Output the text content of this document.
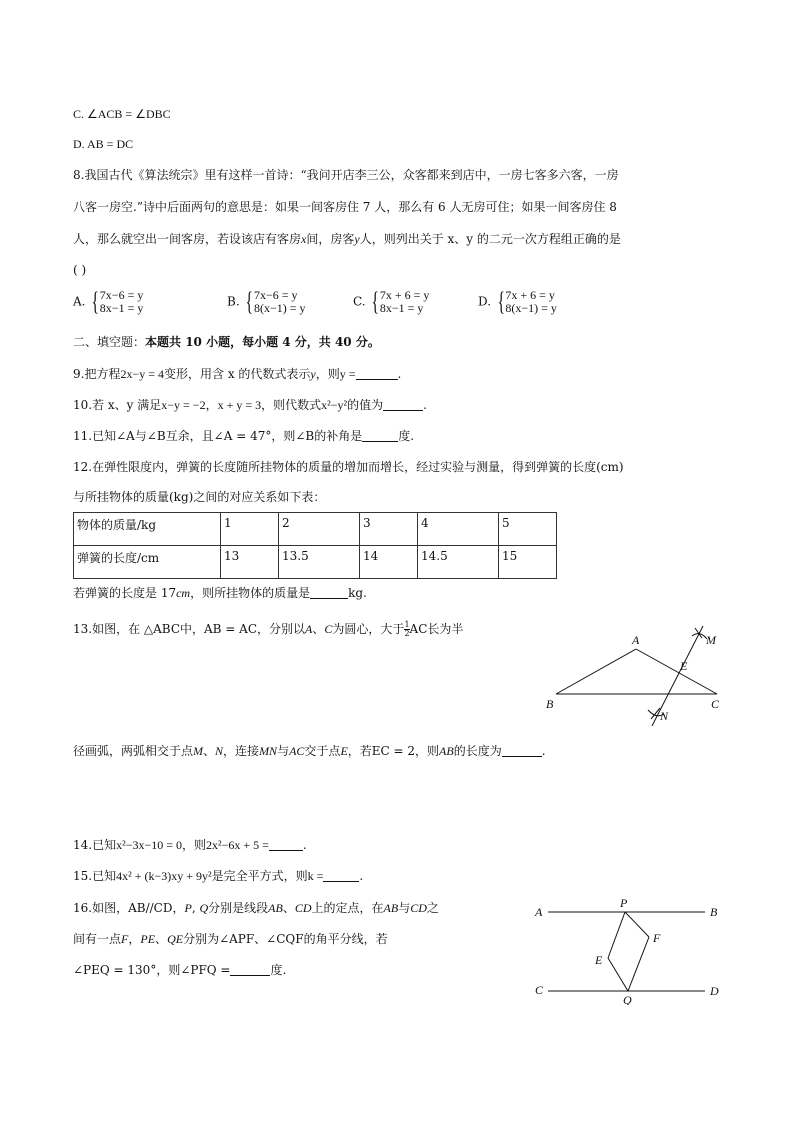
C. ∠ACB = ∠DBC
D. AB = DC
8.我国古代《算法统宗》里有这样一首诗：“我问开店李三公，众客都来到店中，一房七客多六客，一房
八客一房空.”诗中后面两句的意思是：如果一间客房住 7 人，那么有 6 人无房可住；如果一间客房住 8
人，那么就空出一间客房，若设该店有客房x间，房客y人，则列出关于 x、y 的二元一次方程组正确的是
( )
A. { 7x−6 = y
8x−1 = y	B. { 7x−6 = y
8(x−1) = y	C. { 7x + 6 = y
8x−1 = y	D. { 7x + 6 = y
8(x−1) = y
二、填空题：本题共 10 小题，每小题 4 分，共 40 分。
9.把方程2x−y = 4变形，用含 x 的代数式表示y，则y =	.
10.若 x、y 满足x−y = −2，x + y = 3，则代数式x²−y²的值为	.
11.已知∠A与∠B互余，且∠A = 47°，则∠B的补角是	度.
12.在弹性限度内，弹簧的长度随所挂物体的质量的增加而增长，经过实验与测量，得到弹簧的长度(cm)
与所挂物体的质量(kg)之间的对应关系如下表：
物体的质量/kg	1	2	3	4	5
弹簧的长度/cm	13	13.5	14	14.5	15
若弹簧的长度是 17cm，则所挂物体的质量是	kg.
13.如图，在 △ABC中，AB = AC，分别以A、C为圆心，大于 $\frac{1}{2}$ AC长为半
A
B	C
E
M
N
径画弧，两弧相交于点M、N，连接MN与AC交于点E，若EC = 2，则AB的长度为	.
14.已知x²−3x−10 = 0，则2x²−6x + 5 =	.
15.已知4x² + (k−3)xy + 9y²是完全平方式，则k =	.
16.如图，AB//CD，P, Q分别是线段AB、CD上的定点，在AB与CD之
间有一点F，PE、QE分别为∠APF、∠CQF的角平分线，若
∠PEQ = 130°，则∠PFQ =	度.
A	B
C	D
P
Q
E
F
